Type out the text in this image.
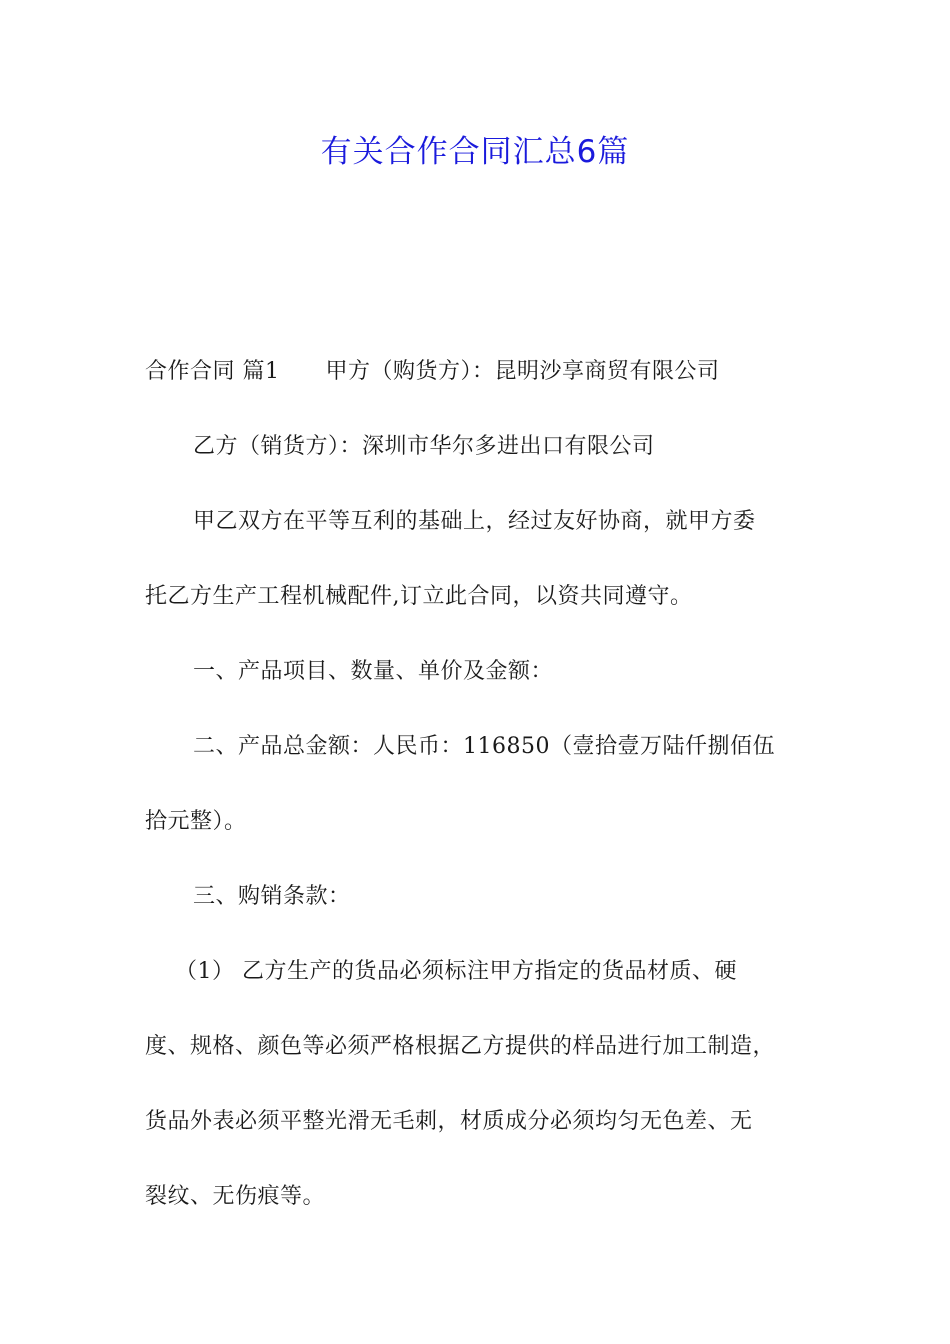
有关合作合同汇总6篇
合作合同 篇1 甲方（购货方）：昆明沙享商贸有限公司
乙方（销货方）：深圳市华尔多进出口有限公司
甲乙双方在平等互利的基础上，经过友好协商，就甲方委
托乙方生产工程机械配件,订立此合同，以资共同遵守。
一、产品项目、数量、单价及金额：
二、产品总金额：人民币：116850（壹拾壹万陆仟捌佰伍
拾元整）。
三、购销条款：
（1） 乙方生产的货品必须标注甲方指定的货品材质、硬
度、规格、颜色等必须严格根据乙方提供的样品进行加工制造，
货品外表必须平整光滑无毛刺，材质成分必须均匀无色差、无
裂纹、无伤痕等。
